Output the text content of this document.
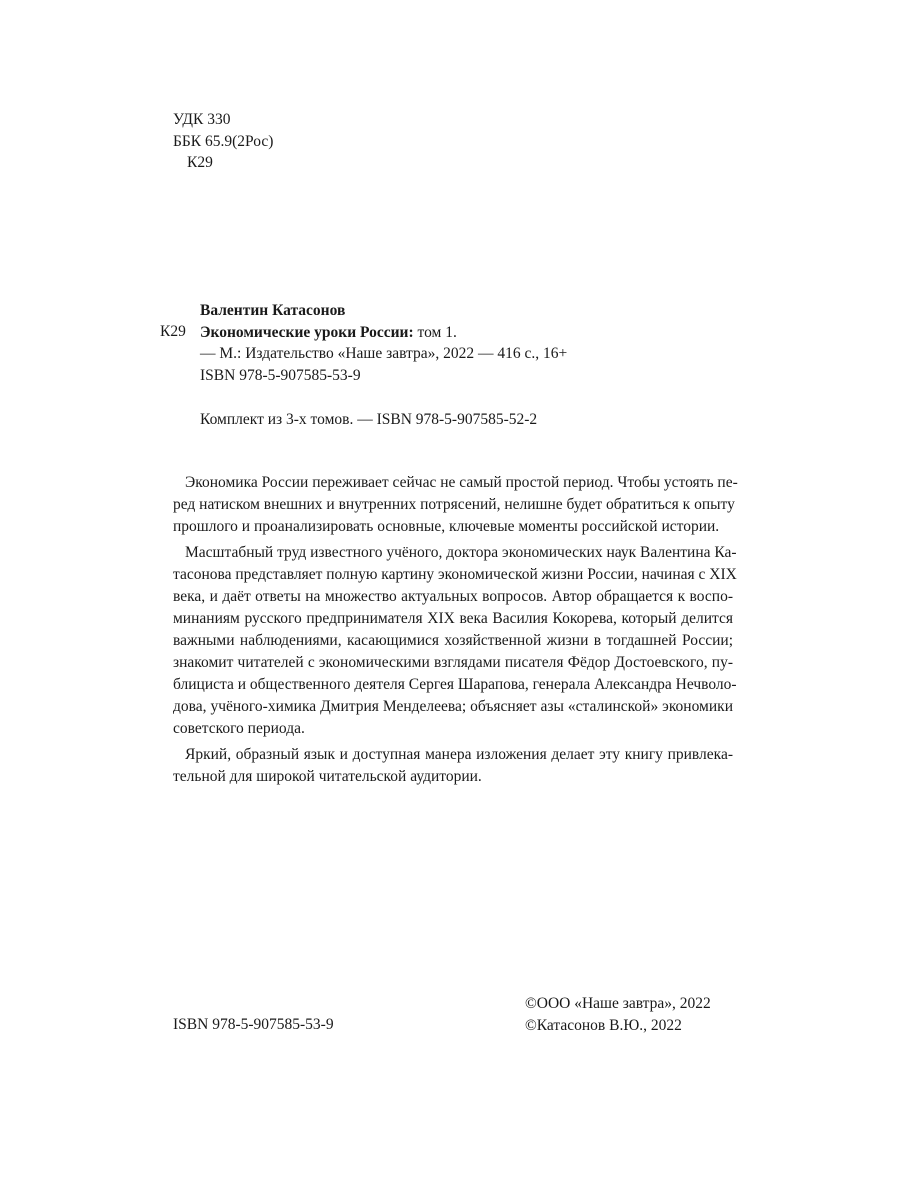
УДК 330
ББК 65.9(2Рос)
К29
К29
Валентин Катасонов
Экономические уроки России: том 1.
— М.: Издательство «Наше завтра», 2022 — 416 с., 16+
ISBN 978-5-907585-53-9
Комплект из 3-х томов. — ISBN 978-5-907585-52-2
Экономика России переживает сейчас не самый простой период. Чтобы устоять пе-
ред натиском внешних и внутренних потрясений, нелишне будет обратиться к опыту
прошлого и проанализировать основные, ключевые моменты российской истории.
Масштабный труд известного учёного, доктора экономических наук Валентина Ка-
тасонова представляет полную картину экономической жизни России, начиная с XIX
века, и даёт ответы на множество актуальных вопросов. Автор обращается к воспо-
минаниям русского предпринимателя XIX века Василия Кокорева, который делится
важными наблюдениями, касающимися хозяйственной жизни в тогдашней России;
знакомит читателей с экономическими взглядами писателя Фёдор Достоевского, пу-
блициста и общественного деятеля Сергея Шарапова, генерала Александра Нечволо-
дова, учёного-химика Дмитрия Менделеева; объясняет азы «сталинской» экономики
советского периода.
Яркий, образный язык и доступная манера изложения делает эту книгу привлека-
тельной для широкой читательской аудитории.
ISBN 978-5-907585-53-9
©ООО «Наше завтра», 2022
©Катасонов В.Ю., 2022
